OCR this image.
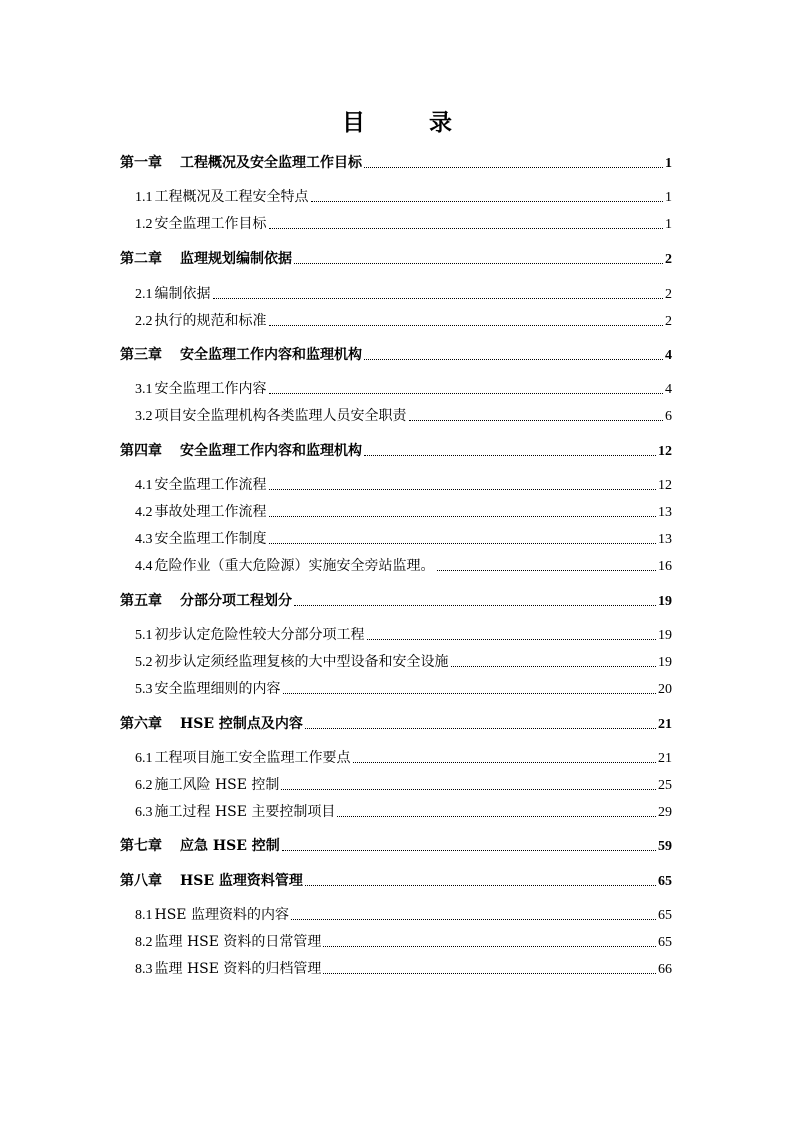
目 录
第一章 工程概况及安全监理工作目标	1
1.1 工程概况及工程安全特点	1
1.2 安全监理工作目标	1
第二章 监理规划编制依据	2
2.1 编制依据	2
2.2 执行的规范和标准	2
第三章 安全监理工作内容和监理机构	4
3.1 安全监理工作内容	4
3.2 项目安全监理机构各类监理人员安全职责	6
第四章 安全监理工作内容和监理机构	12
4.1 安全监理工作流程	12
4.2 事故处理工作流程	13
4.3 安全监理工作制度	13
4.4 危险作业（重大危险源）实施安全旁站监理。	16
第五章 分部分项工程划分	19
5.1 初步认定危险性较大分部分项工程	19
5.2 初步认定须经监理复核的大中型设备和安全设施	19
5.3 安全监理细则的内容	20
第六章 HSE 控制点及内容	21
6.1 工程项目施工安全监理工作要点	21
6.2 施工风险 HSE 控制	25
6.3 施工过程 HSE 主要控制项目	29
第七章 应急 HSE 控制	59
第八章 HSE 监理资料管理	65
8.1 HSE 监理资料的内容	65
8.2 监理 HSE 资料的日常管理	65
8.3 监理 HSE 资料的归档管理	66
